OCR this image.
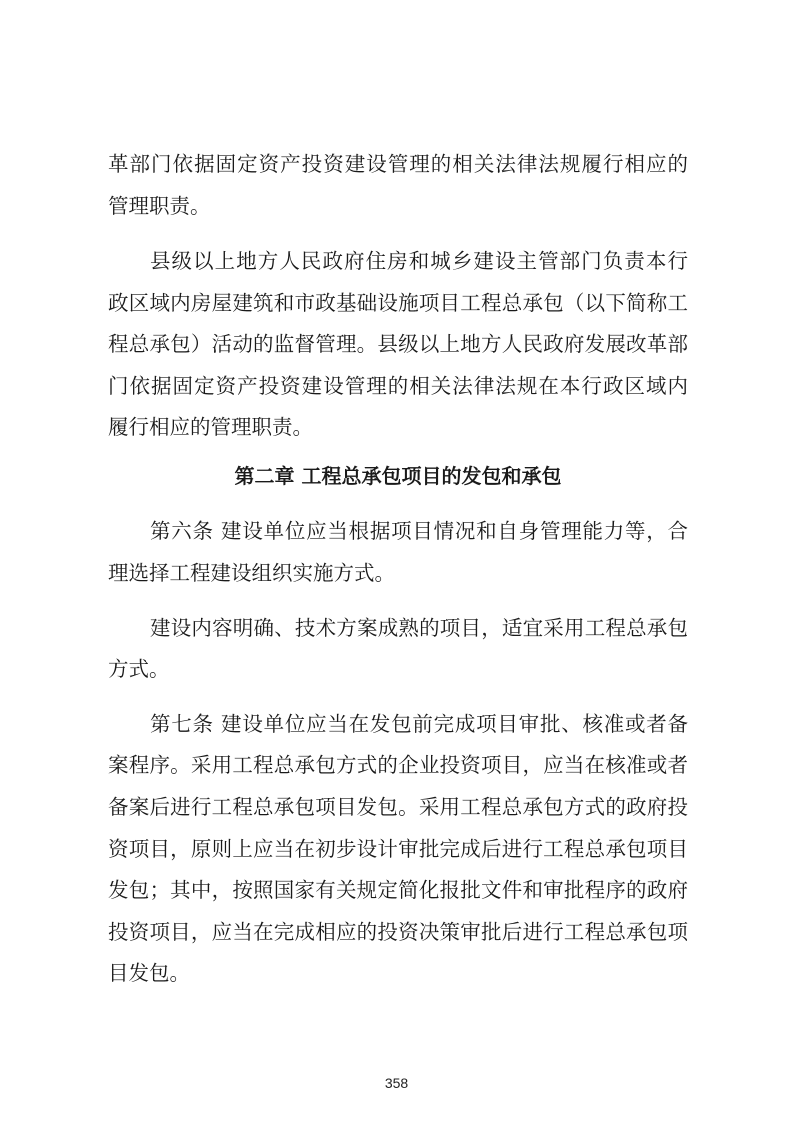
革部门依据固定资产投资建设管理的相关法律法规履行相应的
管理职责。
县级以上地方人民政府住房和城乡建设主管部门负责本行
政区域内房屋建筑和市政基础设施项目工程总承包（以下简称工
程总承包）活动的监督管理。县级以上地方人民政府发展改革部
门依据固定资产投资建设管理的相关法律法规在本行政区域内
履行相应的管理职责。
第二章 工程总承包项目的发包和承包
第六条 建设单位应当根据项目情况和自身管理能力等，合
理选择工程建设组织实施方式。
建设内容明确、技术方案成熟的项目，适宜采用工程总承包
方式。
第七条 建设单位应当在发包前完成项目审批、核准或者备
案程序。采用工程总承包方式的企业投资项目，应当在核准或者
备案后进行工程总承包项目发包。采用工程总承包方式的政府投
资项目，原则上应当在初步设计审批完成后进行工程总承包项目
发包；其中，按照国家有关规定简化报批文件和审批程序的政府
投资项目，应当在完成相应的投资决策审批后进行工程总承包项
目发包。
358
